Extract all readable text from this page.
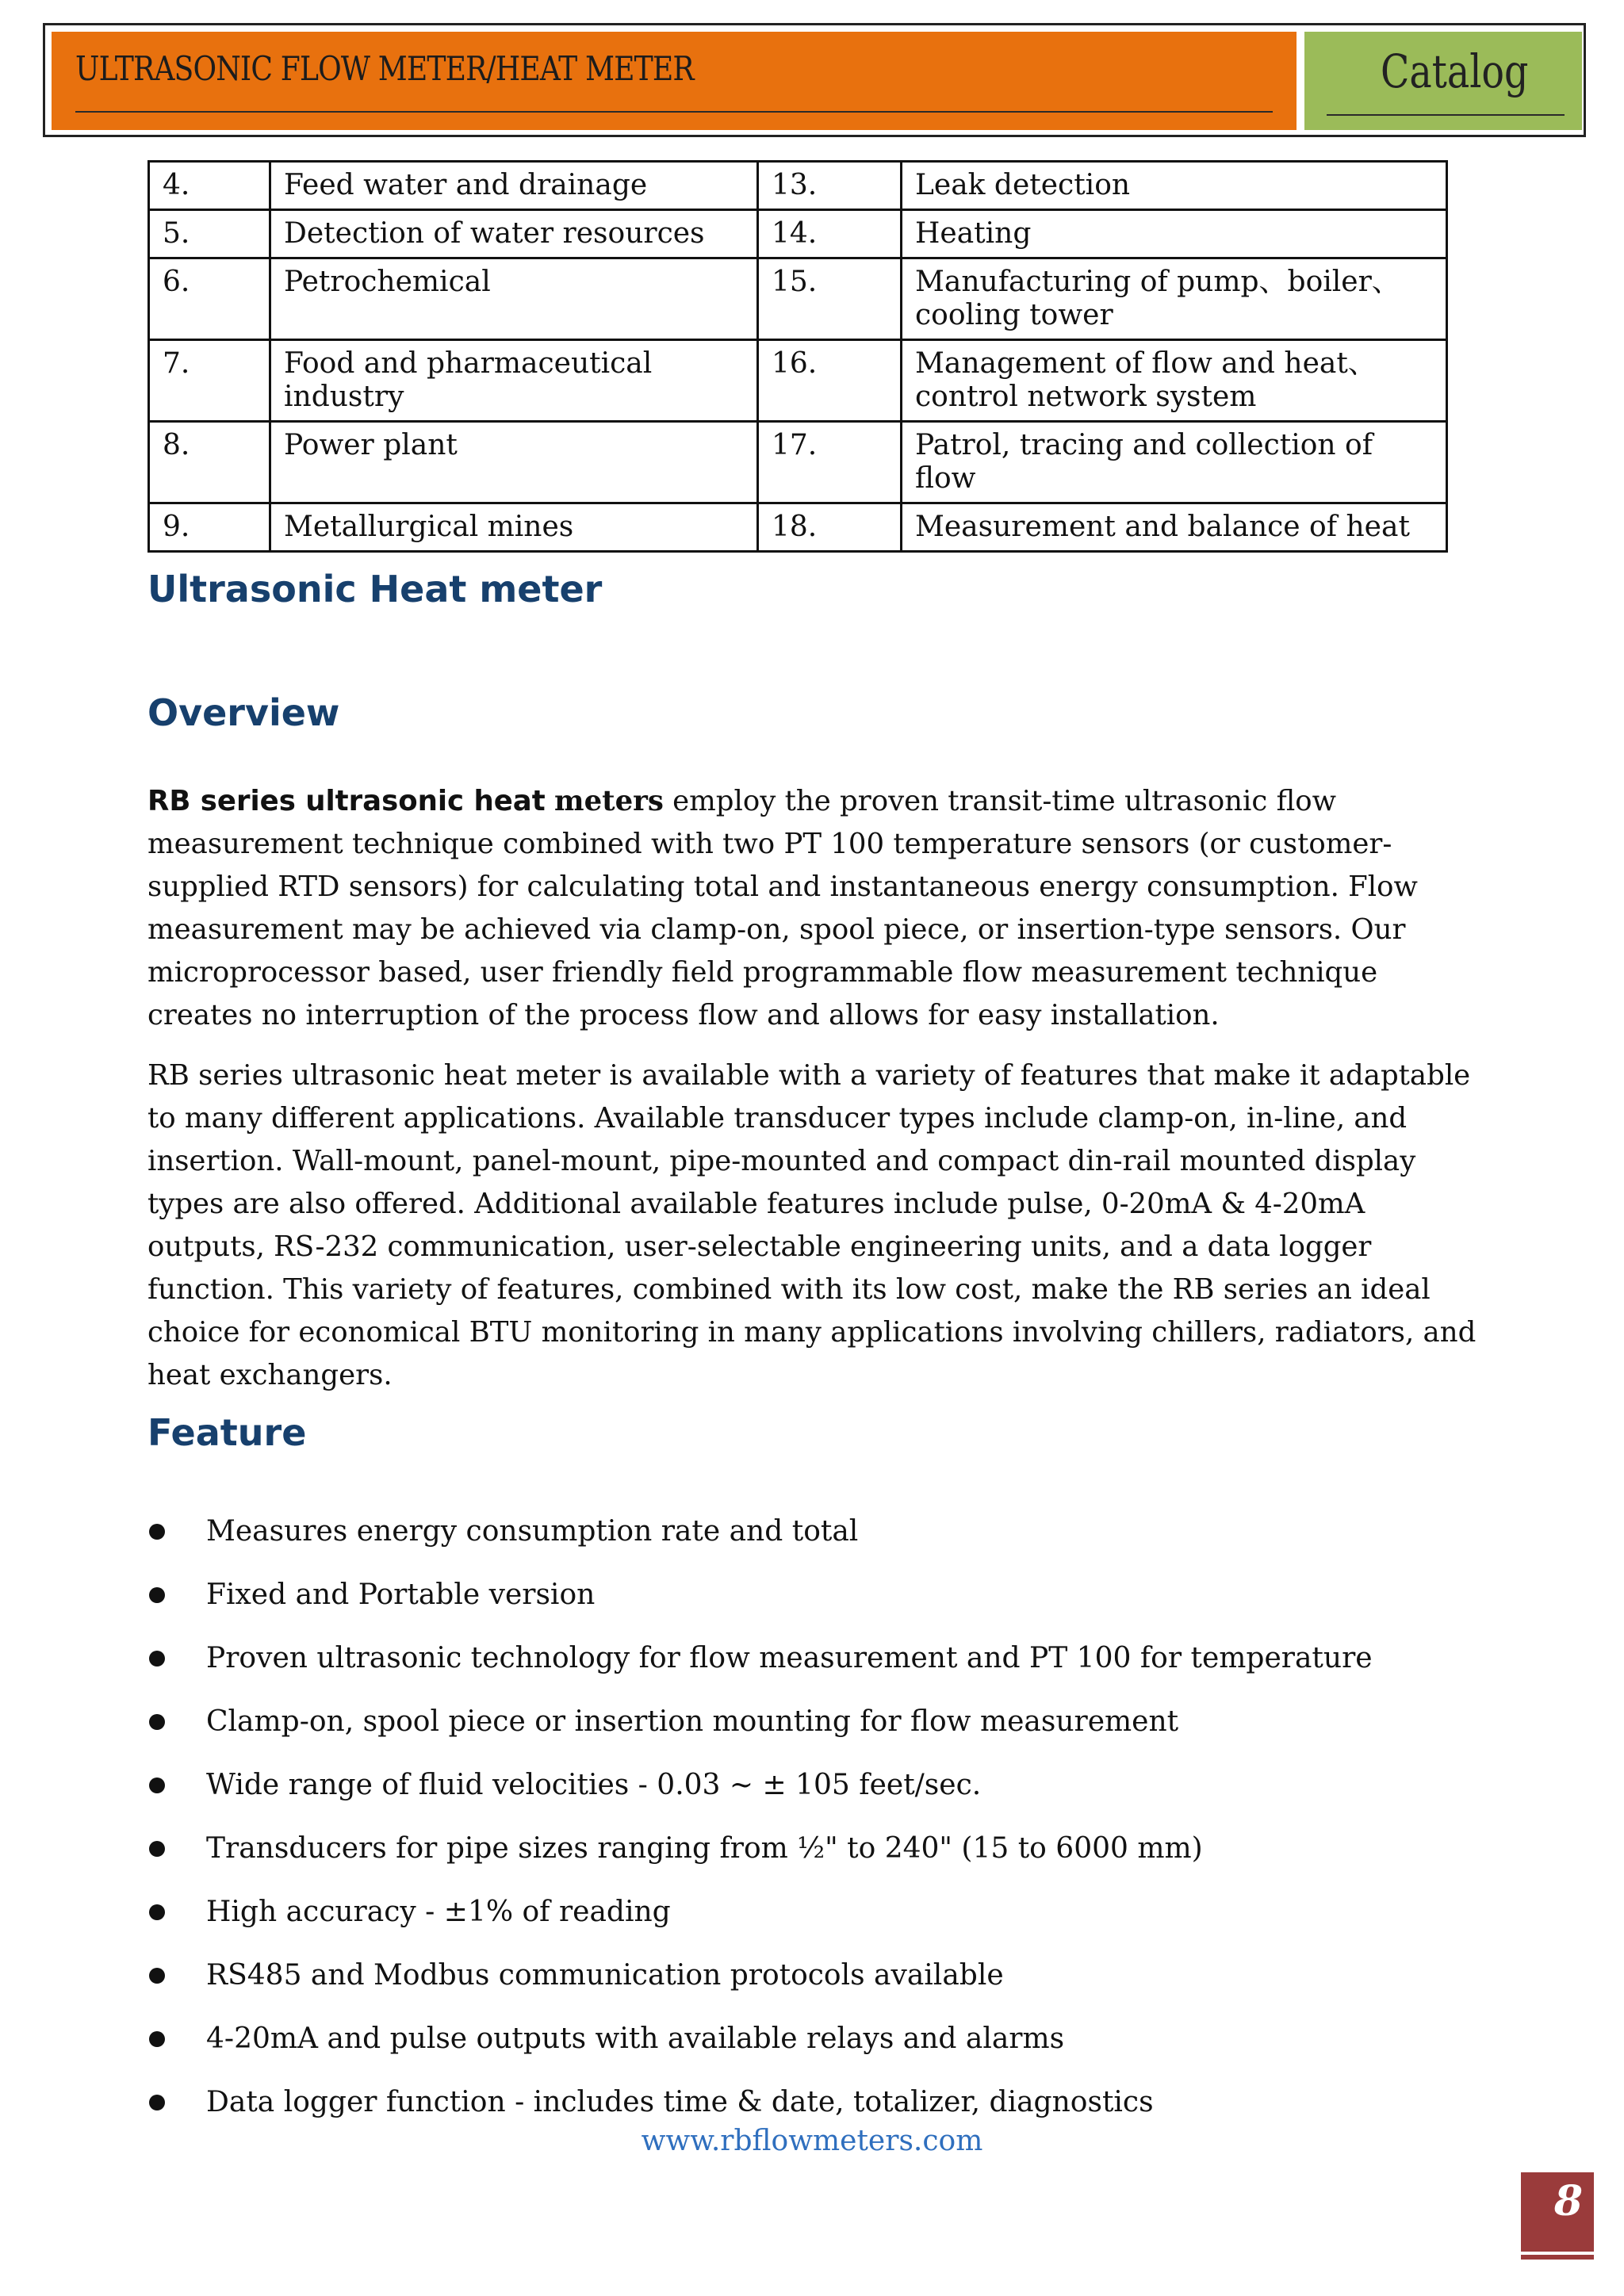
ULTRASONIC FLOW METER/HEAT METER	Catalog
4.	Feed water and drainage	13.	Leak detection
5.	Detection of water resources	14.	Heating
6.	Petrochemical	15.	Manufacturing of pump、boiler、cooling tower
7.	Food and pharmaceutical industry	16.	Management of flow and heat、 control network system
8.	Power plant	17.	Patrol, tracing and collection of flow
9.	Metallurgical mines	18.	Measurement and balance of heat
Ultrasonic Heat meter
Overview

RB series ultrasonic heat meters employ the proven transit-time ultrasonic flow measurement technique combined with two PT 100 temperature sensors (or customer-supplied RTD sensors) for calculating total and instantaneous energy consumption. Flow measurement may be achieved via clamp-on, spool piece, or insertion-type sensors. Our microprocessor based, user friendly field programmable flow measurement technique creates no interruption of the process flow and allows for easy installation.

RB series ultrasonic heat meter is available with a variety of features that make it adaptable to many different applications. Available transducer types include clamp-on, in-line, and insertion. Wall-mount, panel-mount, pipe-mounted and compact din-rail mounted display types are also offered. Additional available features include pulse, 0-20mA & 4-20mA outputs, RS-232 communication, user-selectable engineering units, and a data logger function. This variety of features, combined with its low cost, make the RB series an ideal choice for economical BTU monitoring in many applications involving chillers, radiators, and heat exchangers.

Feature
Measures energy consumption rate and total
Fixed and Portable version
Proven ultrasonic technology for flow measurement and PT 100 for temperature
Clamp-on, spool piece or insertion mounting for flow measurement
Wide range of fluid velocities - 0.03 ~ ± 105 feet/sec.
Transducers for pipe sizes ranging from ½" to 240" (15 to 6000 mm)
High accuracy - ±1% of reading
RS485 and Modbus communication protocols available
4-20mA and pulse outputs with available relays and alarms
Data logger function - includes time & date, totalizer, diagnostics
www.rbflowmeters.com
8
